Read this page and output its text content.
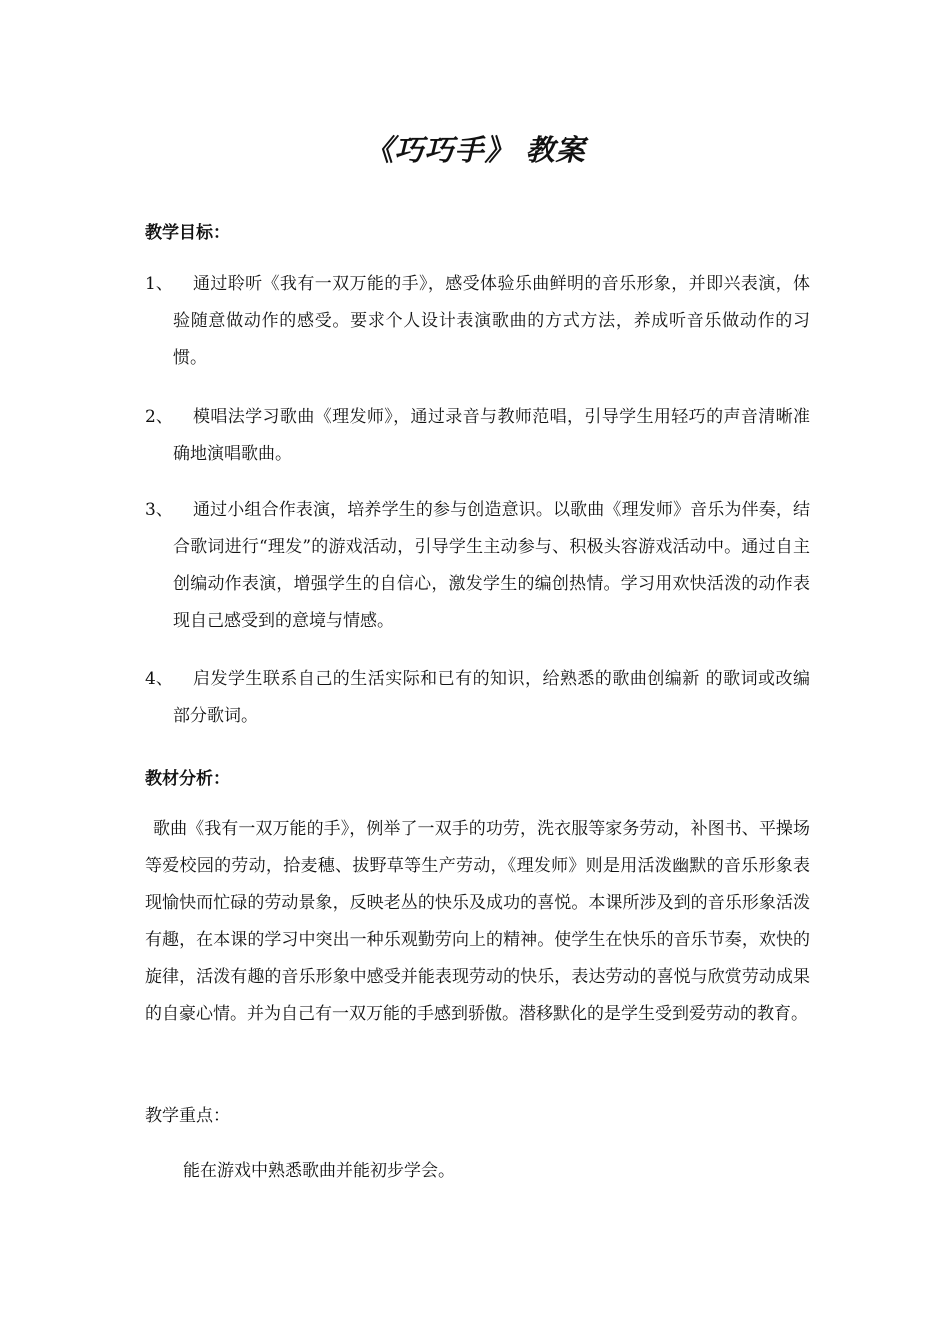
《巧巧手》 教案
教学目标：
1、	通过聆听《我有一双万能的手》，感受体验乐曲鲜明的音乐形象，并即兴表演，体验随意做动作的感受。要求个人设计表演歌曲的方式方法，养成听音乐做动作的习惯。
2、	模唱法学习歌曲《理发师》，通过录音与教师范唱，引导学生用轻巧的声音清晰准确地演唱歌曲。
3、	通过小组合作表演，培养学生的参与创造意识。以歌曲《理发师》音乐为伴奏，结合歌词进行“理发”的游戏活动，引导学生主动参与、积极头容游戏活动中。通过自主创编动作表演，增强学生的自信心，激发学生的编创热情。学习用欢快活泼的动作表现自己感受到的意境与情感。
4、	启发学生联系自己的生活实际和已有的知识，给熟悉的歌曲创编新 的歌词或改编部分歌词。
教材分析：
歌曲《我有一双万能的手》，例举了一双手的功劳，洗衣服等家务劳动，补图书、平操场等爱校园的劳动，拾麦穗、拔野草等生产劳动，《理发师》则是用活泼幽默的音乐形象表现愉快而忙碌的劳动景象，反映老丛的快乐及成功的喜悦。本课所涉及到的音乐形象活泼有趣，在本课的学习中突出一种乐观勤劳向上的精神。使学生在快乐的音乐节奏，欢快的旋律，活泼有趣的音乐形象中感受并能表现劳动的快乐，表达劳动的喜悦与欣赏劳动成果的自豪心情。并为自己有一双万能的手感到骄傲。潜移默化的是学生受到爱劳动的教育。
教学重点：
能在游戏中熟悉歌曲并能初步学会。
